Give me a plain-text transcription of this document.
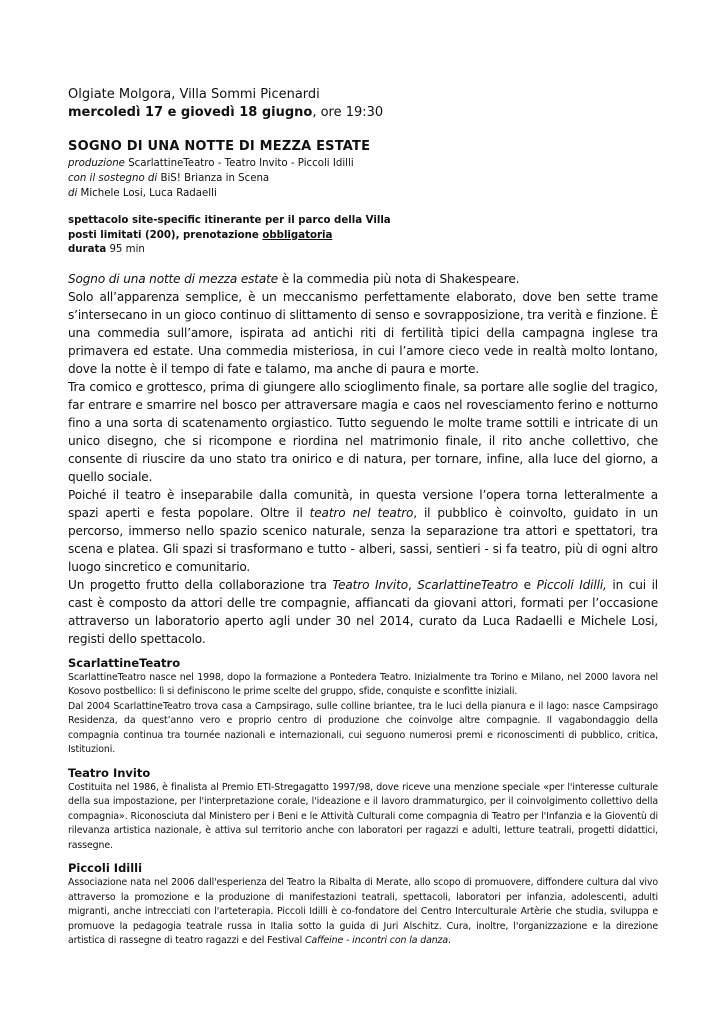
Olgiate Molgora, Villa Sommi Picenardi
mercoledì 17 e giovedì 18 giugno, ore 19:30
SOGNO DI UNA NOTTE DI MEZZA ESTATE
produzione ScarlattineTeatro - Teatro Invito - Piccoli Idilli
con il sostegno di BiS! Brianza in Scena
di Michele Losi, Luca Radaelli
spettacolo site-specific itinerante per il parco della Villa
posti limitati (200), prenotazione obbligatoria
durata 95 min

Sogno di una notte di mezza estate è la commedia più nota di Shakespeare.

Solo all’apparenza semplice, è un meccanismo perfettamente elaborato, dove ben sette trame s’intersecano in un gioco continuo di slittamento di senso e sovrapposizione, tra verità e finzione. È una commedia sull’amore, ispirata ad antichi riti di fertilità tipici della campagna inglese tra primavera ed estate. Una commedia misteriosa, in cui l’amore cieco vede in realtà molto lontano, dove la notte è il tempo di fate e talamo, ma anche di paura e morte.

Tra comico e grottesco, prima di giungere allo scioglimento finale, sa portare alle soglie del tragico, far entrare e smarrire nel bosco per attraversare magia e caos nel rovesciamento ferino e notturno fino a una sorta di scatenamento orgiastico. Tutto seguendo le molte trame sottili e intricate di un unico disegno, che si ricompone e riordina nel matrimonio finale, il rito anche collettivo, che consente di riuscire da uno stato tra onirico e di natura, per tornare, infine, alla luce del giorno, a quello sociale.

Poiché il teatro è inseparabile dalla comunità, in questa versione l’opera torna letteralmente a spazi aperti e festa popolare. Oltre il teatro nel teatro, il pubblico è coinvolto, guidato in un percorso, immerso nello spazio scenico naturale, senza la separazione tra attori e spettatori, tra scena e platea. Gli spazi si trasformano e tutto - alberi, sassi, sentieri - si fa teatro, più di ogni altro luogo sincretico e comunitario.

Un progetto frutto della collaborazione tra Teatro Invito, ScarlattineTeatro e Piccoli Idilli, in cui il cast è composto da attori delle tre compagnie, affiancati da giovani attori, formati per l’occasione attraverso un laboratorio aperto agli under 30 nel 2014, curato da Luca Radaelli e Michele Losi, registi dello spettacolo.

ScarlattineTeatro

ScarlattineTeatro nasce nel 1998, dopo la formazione a Pontedera Teatro. Inizialmente tra Torino e Milano, nel 2000 lavora nel Kosovo postbellico: lì si definiscono le prime scelte del gruppo, sfide, conquiste e sconfitte iniziali.

Dal 2004 ScarlattineTeatro trova casa a Campsirago, sulle colline briantee, tra le luci della pianura e il lago: nasce Campsirago Residenza, da quest’anno vero e proprio centro di produzione che coinvolge altre compagnie. Il vagabondaggio della compagnia continua tra tournée nazionali e internazionali, cui seguono numerosi premi e riconoscimenti di pubblico, critica, Istituzioni.

Teatro Invito

Costituita nel 1986, è finalista al Premio ETI-Stregagatto 1997/98, dove riceve una menzione speciale «per l'interesse culturale della sua impostazione, per l'interpretazione corale, l'ideazione e il lavoro drammaturgico, per il coinvolgimento collettivo della compagnia». Riconosciuta dal Ministero per i Beni e le Attività Culturali come compagnia di Teatro per l'Infanzia e la Gioventù di rilevanza artistica nazionale, è attiva sul territorio anche con laboratori per ragazzi e adulti, letture teatrali, progetti didattici, rassegne.

Piccoli Idilli

Associazione nata nel 2006 dall'esperienza del Teatro la Ribalta di Merate, allo scopo di promuovere, diffondere cultura dal vivo attraverso la promozione e la produzione di manifestazioni teatrali, spettacoli, laboratori per infanzia, adolescenti, adulti migranti, anche intrecciati con l'arteterapia. Piccoli Idilli è co-fondatore del Centro Interculturale Artèrie che studia, sviluppa e promuove la pedagogia teatrale russa in Italia sotto la guida di Juri Alschitz. Cura, inoltre, l'organizzazione e la direzione artistica di rassegne di teatro ragazzi e del Festival Caffeine - incontri con la danza.
